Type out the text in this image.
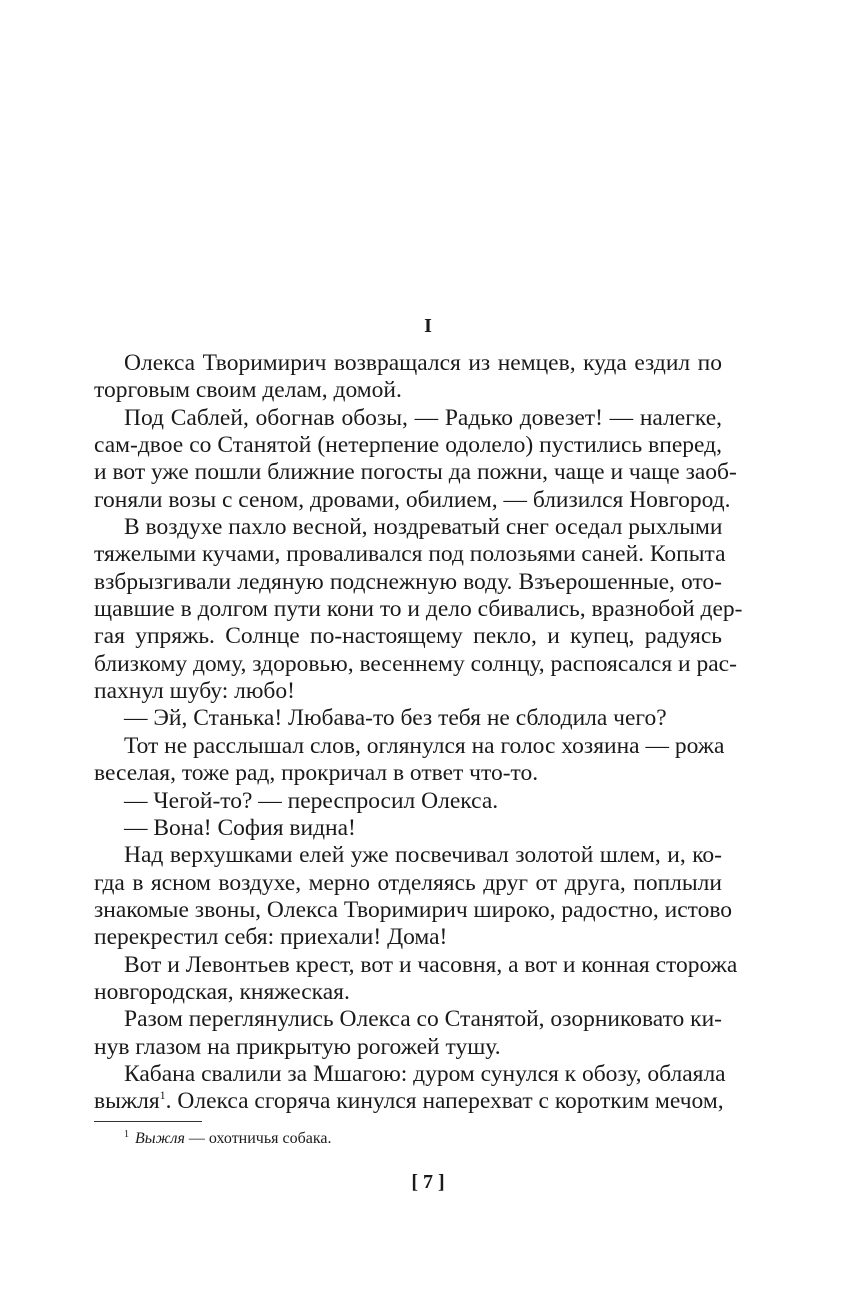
I
Олекса Творимирич возвращался из немцев, куда ездил по
торговым своим делам, домой.
Под Саблей, обогнав обозы, — Радько довезет! — налегке,
сам-двое со Станятой (нетерпение одолело) пустились вперед,
и вот уже пошли ближние погосты да пожни, чаще и чаще заоб-
гоняли возы с сеном, дровами, обилием, — близился Новгород.
В воздухе пахло весной, ноздреватый снег оседал рыхлыми
тяжелыми кучами, проваливался под полозьями саней. Копыта
взбрызгивали ледяную подснежную воду. Взъерошенные, ото-
щавшие в долгом пути кони то и дело сбивались, вразнобой дер-
гая упряжь. Солнце по-настоящему пекло, и купец, радуясь
близкому дому, здоровью, весеннему солнцу, распоясался и рас-
пахнул шубу: любо!
— Эй, Станька! Любава-то без тебя не сблодила чего?
Тот не расслышал слов, оглянулся на голос хозяина — рожа
веселая, тоже рад, прокричал в ответ что-то.
— Чегой-то? — переспросил Олекса.
— Вона! София видна!
Над верхушками елей уже посвечивал золотой шлем, и, ко-
гда в ясном воздухе, мерно отделяясь друг от друга, поплыли
знакомые звоны, Олекса Творимирич широко, радостно, истово
перекрестил себя: приехали! Дома!
Вот и Левонтьев крест, вот и часовня, а вот и конная сторожа
новгородская, княжеская.
Разом переглянулись Олекса со Станятой, озорниковато ки-
нув глазом на прикрытую рогожей тушу.
Кабана свалили за Мшагою: дуром сунулся к обозу, облаяла
выжля$^1$. Олекса сгоряча кинулся наперехват с коротким мечом,
$^1$ Выжля — охотничья собака.
[ 7 ]
